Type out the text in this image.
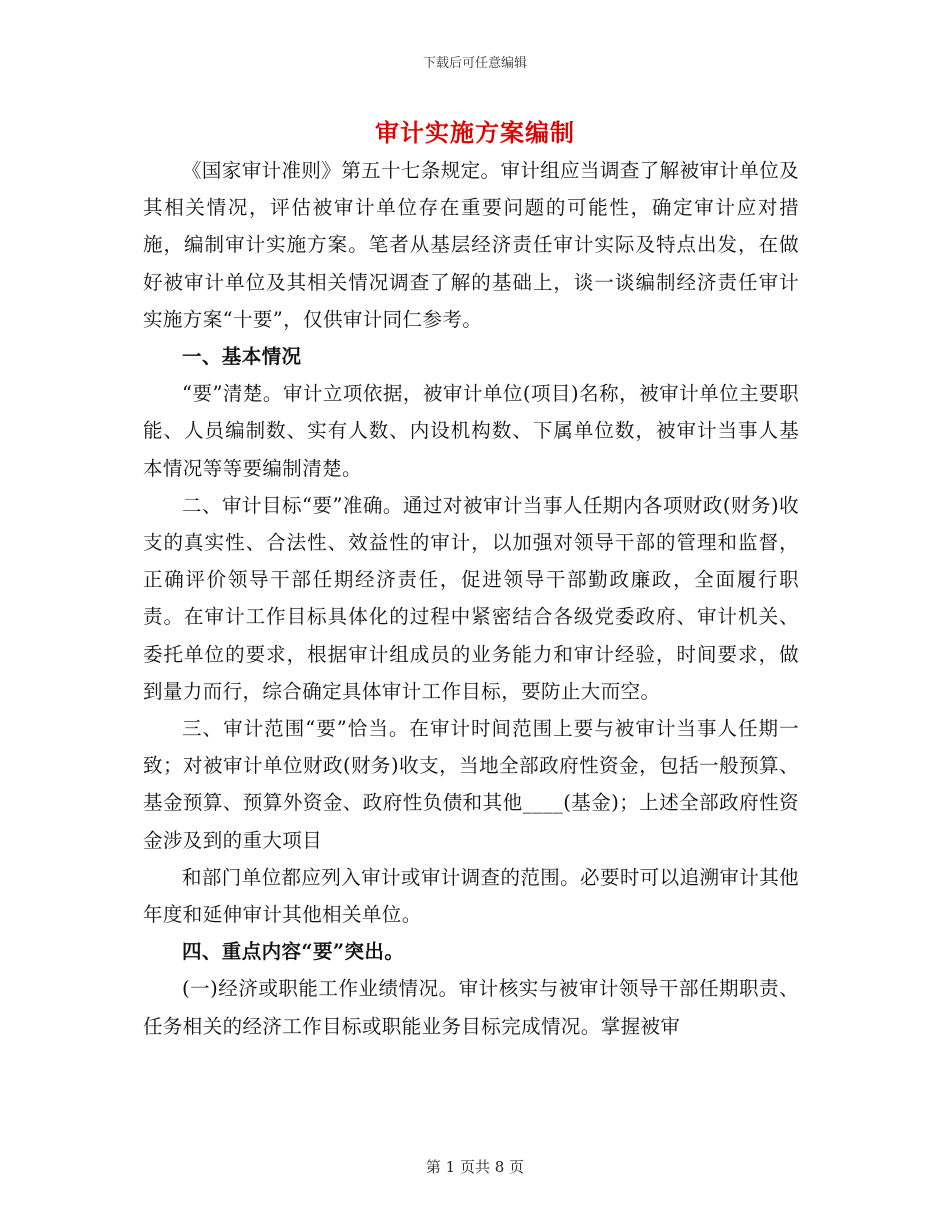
下载后可任意编辑
审计实施方案编制

《国家审计准则》第五十七条规定。审计组应当调查了解被审计单位及其相关情况，评估被审计单位存在重要问题的可能性，确定审计应对措施，编制审计实施方案。笔者从基层经济责任审计实际及特点出发，在做好被审计单位及其相关情况调查了解的基础上，谈一谈编制经济责任审计实施方案“十要”，仅供审计同仁参考。

一、基本情况

“要”清楚。审计立项依据，被审计单位(项目)名称，被审计单位主要职能、人员编制数、实有人数、内设机构数、下属单位数，被审计当事人基本情况等等要编制清楚。

二、审计目标“要”准确。通过对被审计当事人任期内各项财政(财务)收支的真实性、合法性、效益性的审计，以加强对领导干部的管理和监督，正确评价领导干部任期经济责任，促进领导干部勤政廉政，全面履行职责。在审计工作目标具体化的过程中紧密结合各级党委政府、审计机关、委托单位的要求，根据审计组成员的业务能力和审计经验，时间要求，做到量力而行，综合确定具体审计工作目标，要防止大而空。

三、审计范围“要”恰当。在审计时间范围上要与被审计当事人任期一致；对被审计单位财政(财务)收支，当地全部政府性资金，包括一般预算、基金预算、预算外资金、政府性负债和其他____(基金)；上述全部政府性资金涉及到的重大项目

和部门单位都应列入审计或审计调查的范围。必要时可以追溯审计其他年度和延伸审计其他相关单位。

四、重点内容“要”突出。

(一)经济或职能工作业绩情况。审计核实与被审计领导干部任期职责、任务相关的经济工作目标或职能业务目标完成情况。掌握被审

第 1 页共 8 页
